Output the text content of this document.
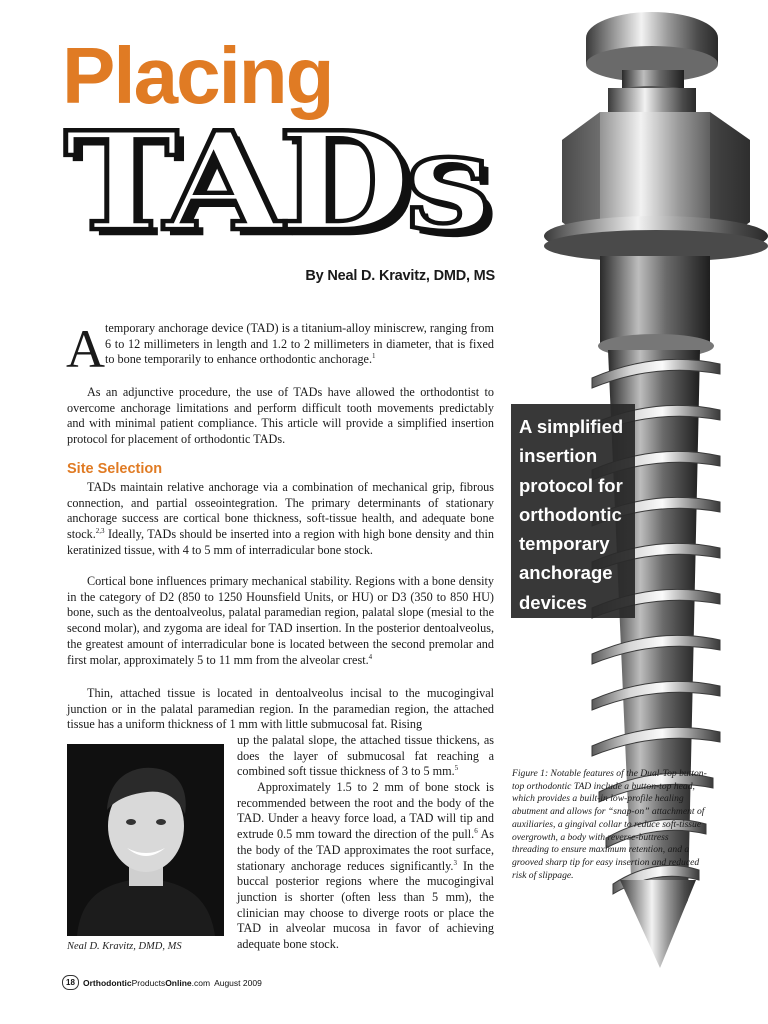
Placing
TADs
By Neal D. Kravitz, DMD, MS
A simplified
insertion
protocol for
orthodontic
temporary
anchorage
devices
A temporary anchorage device (TAD) is a titanium-alloy miniscrew, ranging from 6 to 12 millimeters in length and 1.2 to 2 millimeters in diameter, that is fixed to bone temporarily to enhance orthodontic anchorage.$^1$

As an adjunctive procedure, the use of TADs have allowed the orthodontist to overcome anchorage limitations and perform difficult tooth movements predictably and with minimal patient compliance. This article will provide a simplified insertion protocol for placement of orthodontic TADs.

Site Selection

TADs maintain relative anchorage via a combination of mechanical grip, fibrous connection, and partial osseointegration. The primary determinants of stationary anchorage success are cortical bone thickness, soft-tissue health, and adequate bone stock.$^{2,3}$ Ideally, TADs should be inserted into a region with high bone density and thin keratinized tissue, with 4 to 5 mm of interradicular bone stock.

Cortical bone influences primary mechanical stability. Regions with a bone density in the category of D2 (850 to 1250 Hounsfield Units, or HU) or D3 (350 to 850 HU) bone, such as the dentoalveolus, palatal paramedian region, palatal slope (mesial to the second molar), and zygoma are ideal for TAD insertion. In the posterior dentoalveolus, the greatest amount of interradicular bone is located between the second premolar and first molar, approximately 5 to 11 mm from the alveolar crest.$^4$

Thin, attached tissue is located in dentoalveolus incisal to the mucogingival junction or in the palatal paramedian region. In the paramedian region, the attached tissue has a uniform thickness of 1 mm with little submucosal fat. Rising

up the palatal slope, the attached tissue thickens, as does the layer of submucosal fat reaching a combined soft tissue thickness of 3 to 5 mm.$^5$

Approximately 1.5 to 2 mm of bone stock is recommended between the root and the body of the TAD. Under a heavy force load, a TAD will tip and extrude 0.5 mm toward the direction of the pull.$^6$ As the body of the TAD approximates the root surface, stationary anchorage reduces significantly.$^3$ In the buccal posterior regions where the mucogingival junction is shorter (often less than 5 mm), the clinician may choose to diverge roots or place the TAD in alveolar mucosa in favor of achieving adequate bone stock.

Neal D. Kravitz, DMD, MS
Figure 1: Notable features of the Dual-Top button-top orthodontic TAD include a button-top head, which provides a built-in low-profile healing abutment and allows for “snap-on” attachment of auxiliaries, a gingival collar to reduce soft-tissue overgrowth, a body with reverse-buttress threading to ensure maximum retention, and a grooved sharp tip for easy insertion and reduced risk of slippage.
18 OrthodonticProductsOnline.com August 2009
